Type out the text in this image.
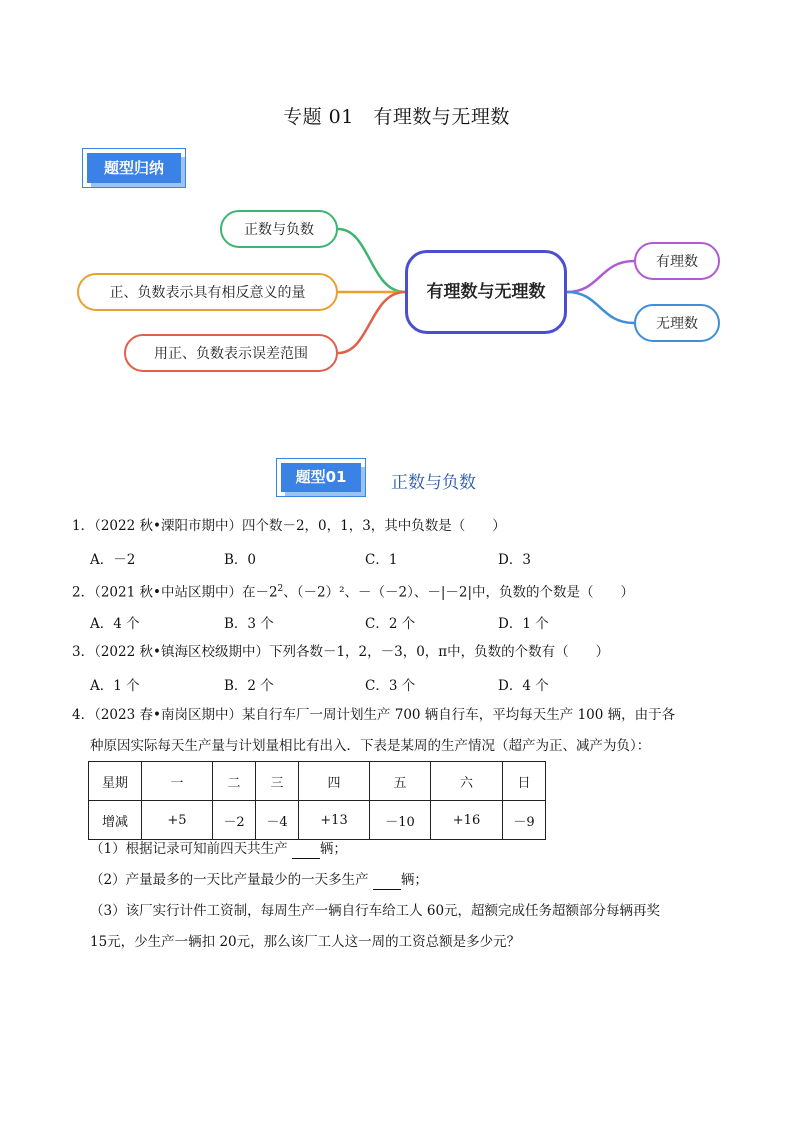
专题 01　有理数与无理数
题型归纳
正数与负数
正、负数表示具有相反意义的量
用正、负数表示误差范围
有理数与无理数
有理数
无理数
题型01	正数与负数
1．（2022 秋•溧阳市期中）四个数－2，0，1，3，其中负数是（　　）
A．－2	B．0	C．1	D．3
2．（2021 秋•中站区期中）在$-2^2$、（－2）²、－（－2）、－|－2|中，负数的个数是（　　）
A．4 个	B．3 个	C．2 个	D．1 个
3．（2022 秋•镇海区校级期中）下列各数－1，2，－3，0，π中，负数的个数有（　　）
A．1 个	B．2 个	C．3 个	D．4 个
4．（2023 春•南岗区期中）某自行车厂一周计划生产 700 辆自行车，平均每天生产 100 辆，由于各
种原因实际每天生产量与计划量相比有出入．下表是某周的生产情况（超产为正、减产为负）：
星期	一	二	三	四	五	六	日
增减	+5	－2	－4	+13	－10	+16	－9
（1）根据记录可知前四天共生产 辆；
（2）产量最多的一天比产量最少的一天多生产 辆；
（3）该厂实行计件工资制，每周生产一辆自行车给工人 60元，超额完成任务超额部分每辆再奖
15元，少生产一辆扣 20元，那么该厂工人这一周的工资总额是多少元？
